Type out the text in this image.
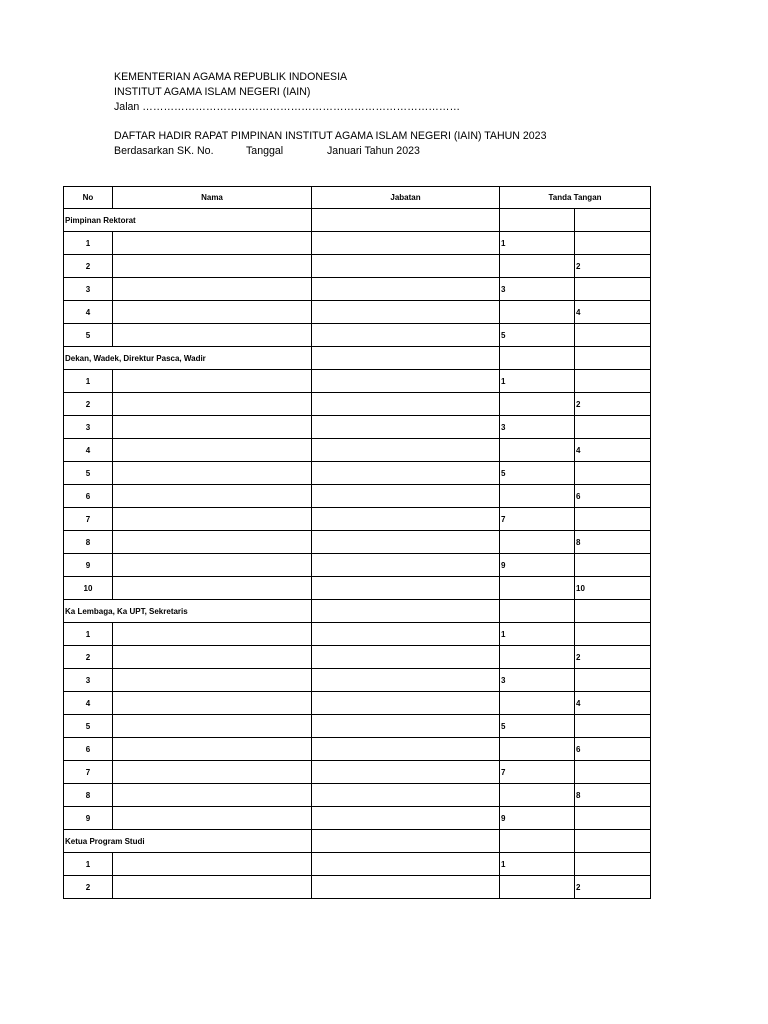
KEMENTERIAN AGAMA REPUBLIK INDONESIA
INSTITUT AGAMA ISLAM NEGERI (IAIN)
Jalan ………………………………………………………………………………
DAFTAR HADIR RAPAT PIMPINAN INSTITUT AGAMA ISLAM NEGERI (IAIN) TAHUN 2023
Berdasarkan SK. No.	Tanggal	Januari Tahun 2023
No	Nama	Jabatan	Tanda Tangan	
Pimpinan Rektorat				
1			1	
2				2
3			3	
4				4
5			5	
Dekan, Wadek, Direktur Pasca, Wadir				
1			1	
2				2
3			3	
4				4
5			5	
6				6
7			7	
8				8
9			9	
10				10
Ka Lembaga, Ka UPT, Sekretaris				
1			1	
2				2
3			3	
4				4
5			5	
6				6
7			7	
8				8
9			9	
Ketua Program Studi				
1			1	
2				2
